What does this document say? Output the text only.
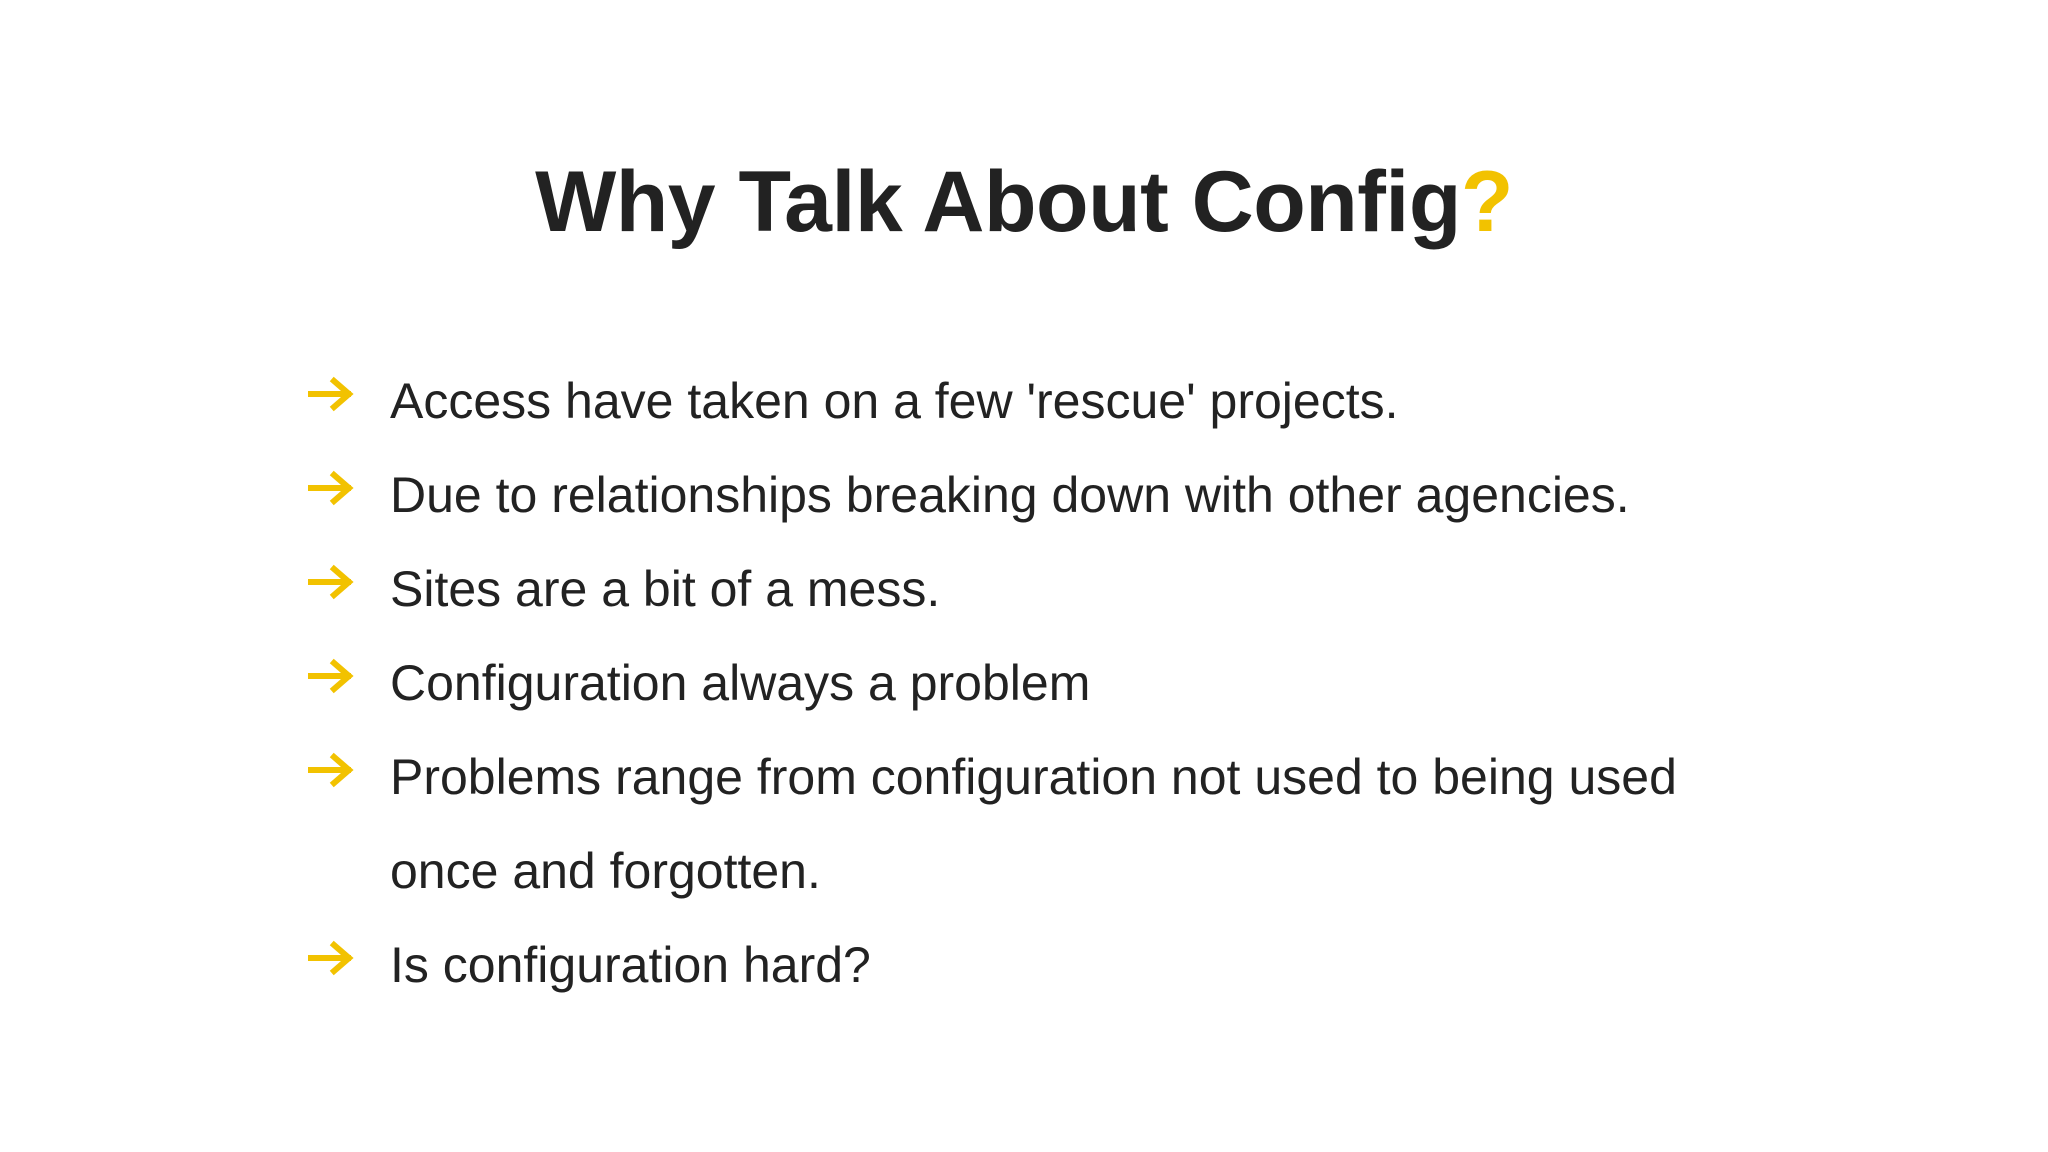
Why Talk About Config?
Access have taken on a few 'rescue' projects.
Due to relationships breaking down with other agencies.
Sites are a bit of a mess.
Configuration always a problem
Problems range from configuration not used to being used once and forgotten.
Is configuration hard?
